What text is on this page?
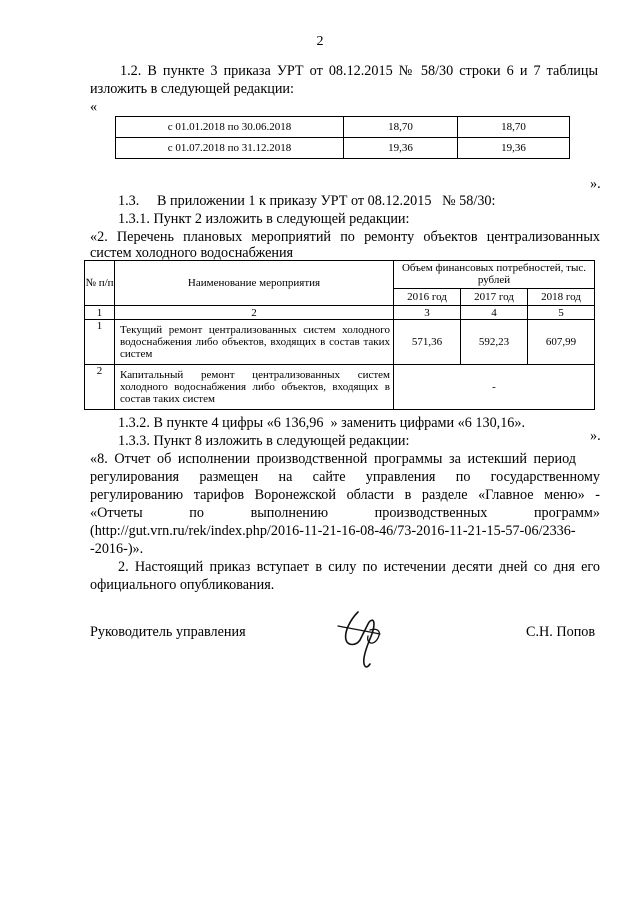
2
1.2. В пункте 3 приказа УРТ от 08.12.2015 № 58/30 строки 6 и 7 таблицы
изложить в следующей редакции:
«
с 01.01.2018 по 30.06.2018	18,70	18,70
с 01.07.2018 по 31.12.2018	19,36	19,36
».
1.3.     В приложении 1 к приказу УРТ от 08.12.2015   № 58/30:
1.3.1. Пункт 2 изложить в следующей редакции:
«2. Перечень плановых мероприятий по ремонту объектов централизованных
систем холодного водоснабжения
№ п/п	Наименование мероприятия	Объем финансовых потребностей, тыс. рублей		
		2016 год	2017 год	2018 год
1	2	3	4	5
1	Текущий ремонт централизованных систем холодного водоснабжения либо объектов, входящих в состав таких систем	571,36	592,23	607,99
2	Капитальный ремонт централизованных систем холодного водоснабжения либо объектов, входящих в состав таких систем	-		
».
1.3.2. В пункте 4 цифры «6 136,96  » заменить цифрами «6 130,16».
1.3.3. Пункт 8 изложить в следующей редакции:
«8. Отчет об исполнении производственной программы за истекший период
регулирования размещен на сайте управления по государственному
регулированию тарифов Воронежской области в разделе «Главное меню» -
«Отчеты по выполнению производственных программ»
(http://gut.vrn.ru/rek/index.php/2016-11-21-16-08-46/73-2016-11-21-15-57-06/2336-
-2016-)».
2. Настоящий приказ вступает в силу по истечении десяти дней со дня его
официального опубликования.
Руководитель управления	С.Н. Попов
